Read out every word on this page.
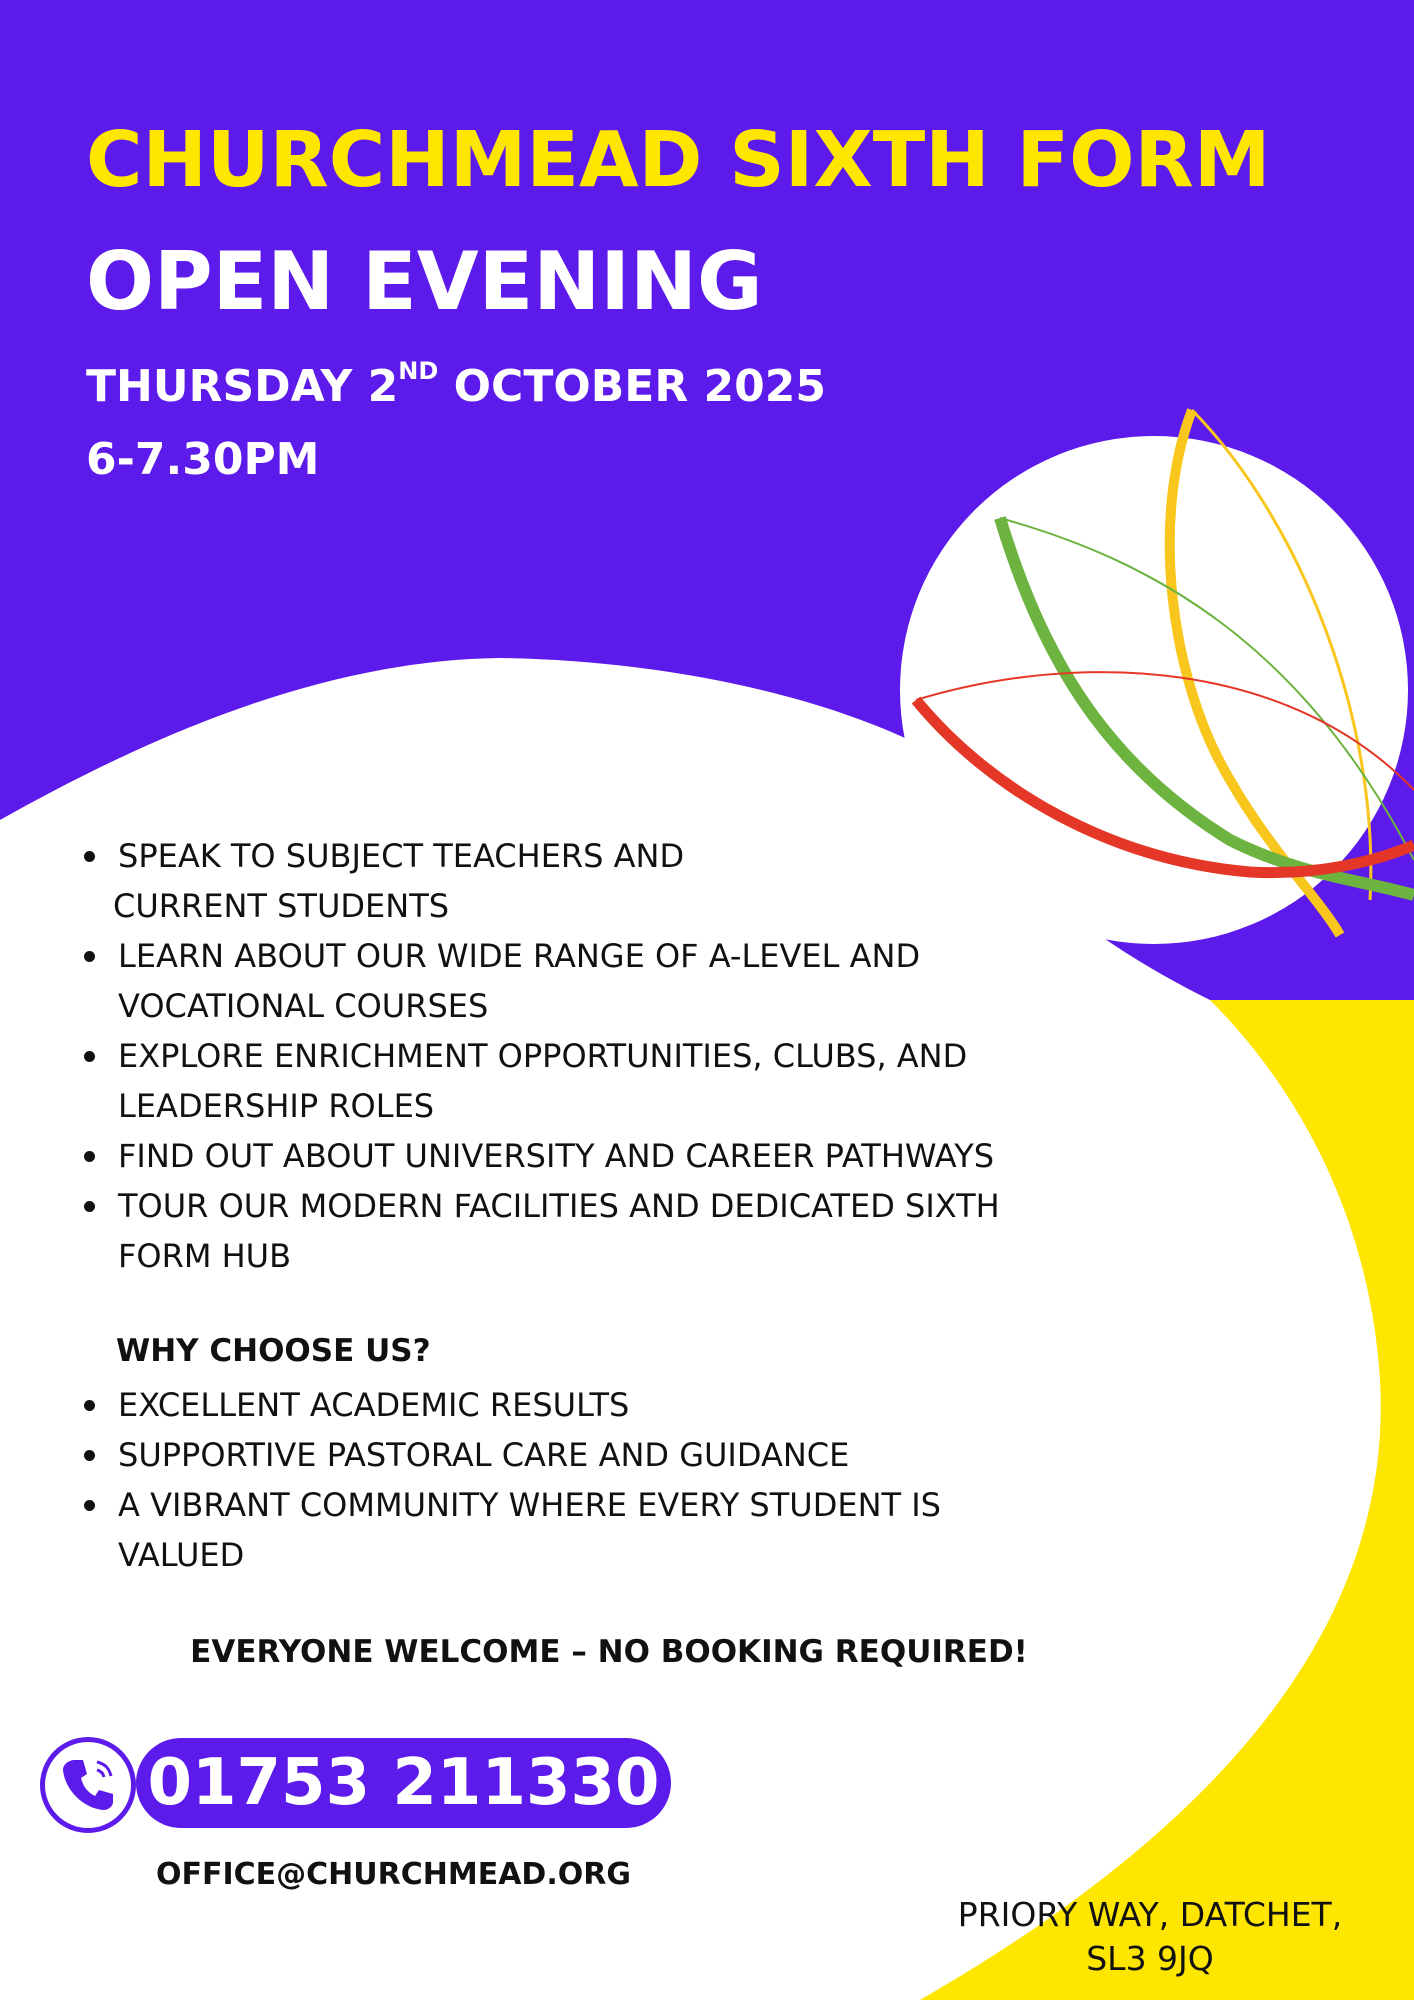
CHURCHMEAD SIXTH FORM
OPEN EVENING
THURSDAY 2ND OCTOBER 2025
6-7.30PM
SPEAK TO SUBJECT TEACHERS AND
CURRENT STUDENTS
LEARN ABOUT OUR WIDE RANGE OF A-LEVEL AND
VOCATIONAL COURSES
EXPLORE ENRICHMENT OPPORTUNITIES, CLUBS, AND
LEADERSHIP ROLES
FIND OUT ABOUT UNIVERSITY AND CAREER PATHWAYS
TOUR OUR MODERN FACILITIES AND DEDICATED SIXTH
FORM HUB
WHY CHOOSE US?
EXCELLENT ACADEMIC RESULTS
SUPPORTIVE PASTORAL CARE AND GUIDANCE
A VIBRANT COMMUNITY WHERE EVERY STUDENT IS
VALUED
EVERYONE WELCOME – NO BOOKING REQUIRED!
01753 211330
OFFICE@CHURCHMEAD.ORG
PRIORY WAY, DATCHET,
SL3 9JQ
